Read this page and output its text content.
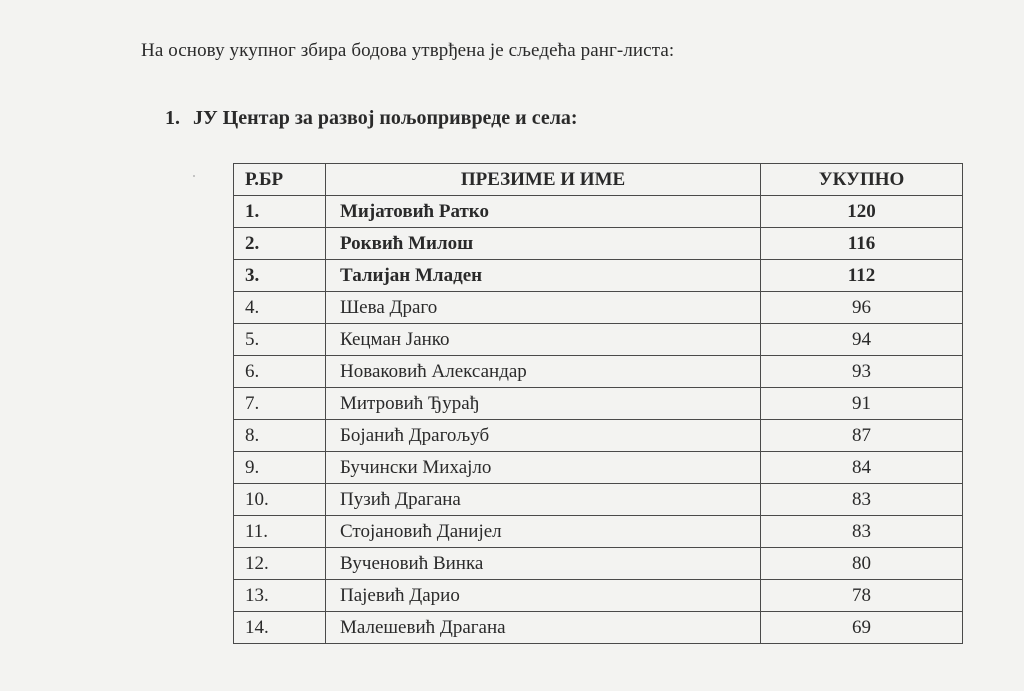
На основу укупног збира бодова утврђена је сљедећа ранг-листа:
1. ЈУ Центар за развој пољопривреде и села:
Р.БР	ПРЕЗИМЕ И ИМЕ	УКУПНО
1.	Мијатовић Ратко	120
2.	Роквић Милош	116
3.	Талијан Младен	112
4.	Шева Драго	96
5.	Кецман Јанко	94
6.	Новаковић Александар	93
7.	Митровић Ђурађ	91
8.	Бојанић Драгољуб	87
9.	Бучински Михајло	84
10.	Пузић Драгана	83
11.	Стојановић Данијел	83
12.	Вученовић Винка	80
13.	Пајевић Дарио	78
14.	Малешевић Драгана	69
